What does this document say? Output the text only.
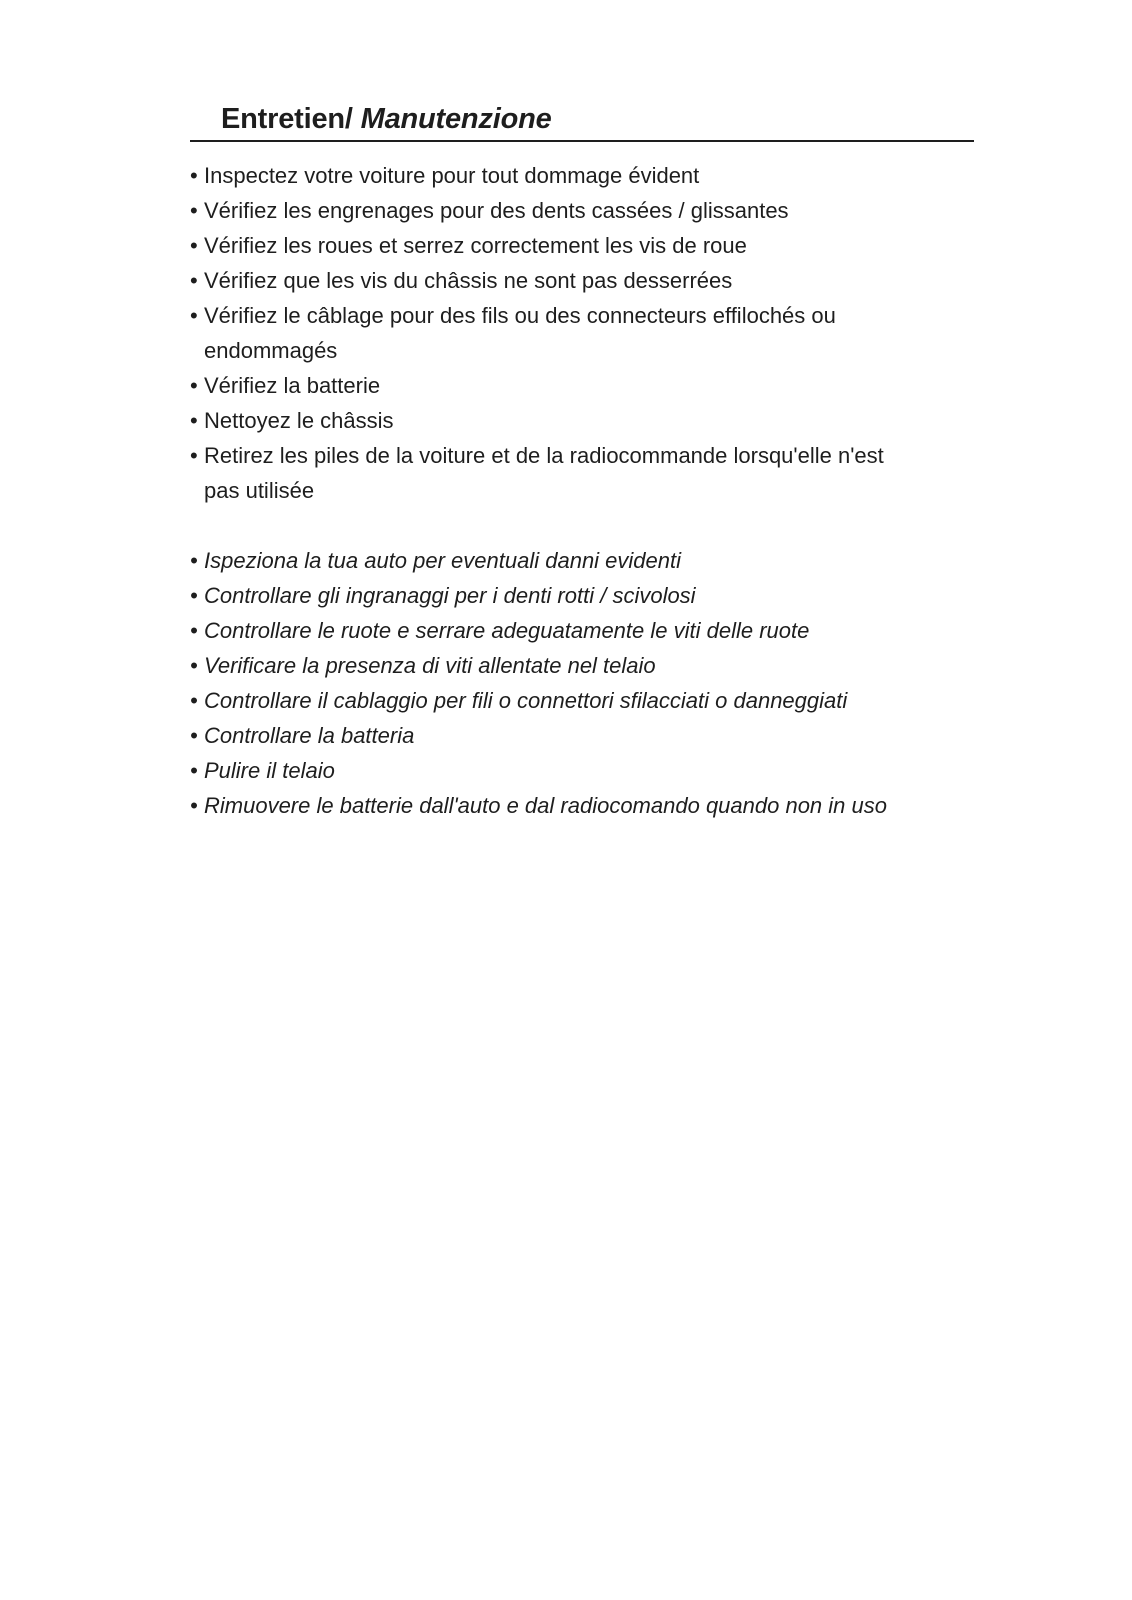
Entretien/ Manutenzione
• Inspectez votre voiture pour tout dommage évident
• Vérifiez les engrenages pour des dents cassées / glissantes
• Vérifiez les roues et serrez correctement les vis de roue
• Vérifiez que les vis du châssis ne sont pas desserrées
• Vérifiez le câblage pour des fils ou des connecteurs effilochés ou
endommagés
• Vérifiez la batterie
• Nettoyez le châssis
• Retirez les piles de la voiture et de la radiocommande lorsqu'elle n'est
pas utilisée
• Ispeziona la tua auto per eventuali danni evidenti
• Controllare gli ingranaggi per i denti rotti / scivolosi
• Controllare le ruote e serrare adeguatamente le viti delle ruote
• Verificare la presenza di viti allentate nel telaio
• Controllare il cablaggio per fili o connettori sfilacciati o danneggiati
• Controllare la batteria
• Pulire il telaio
• Rimuovere le batterie dall'auto e dal radiocomando quando non in uso
